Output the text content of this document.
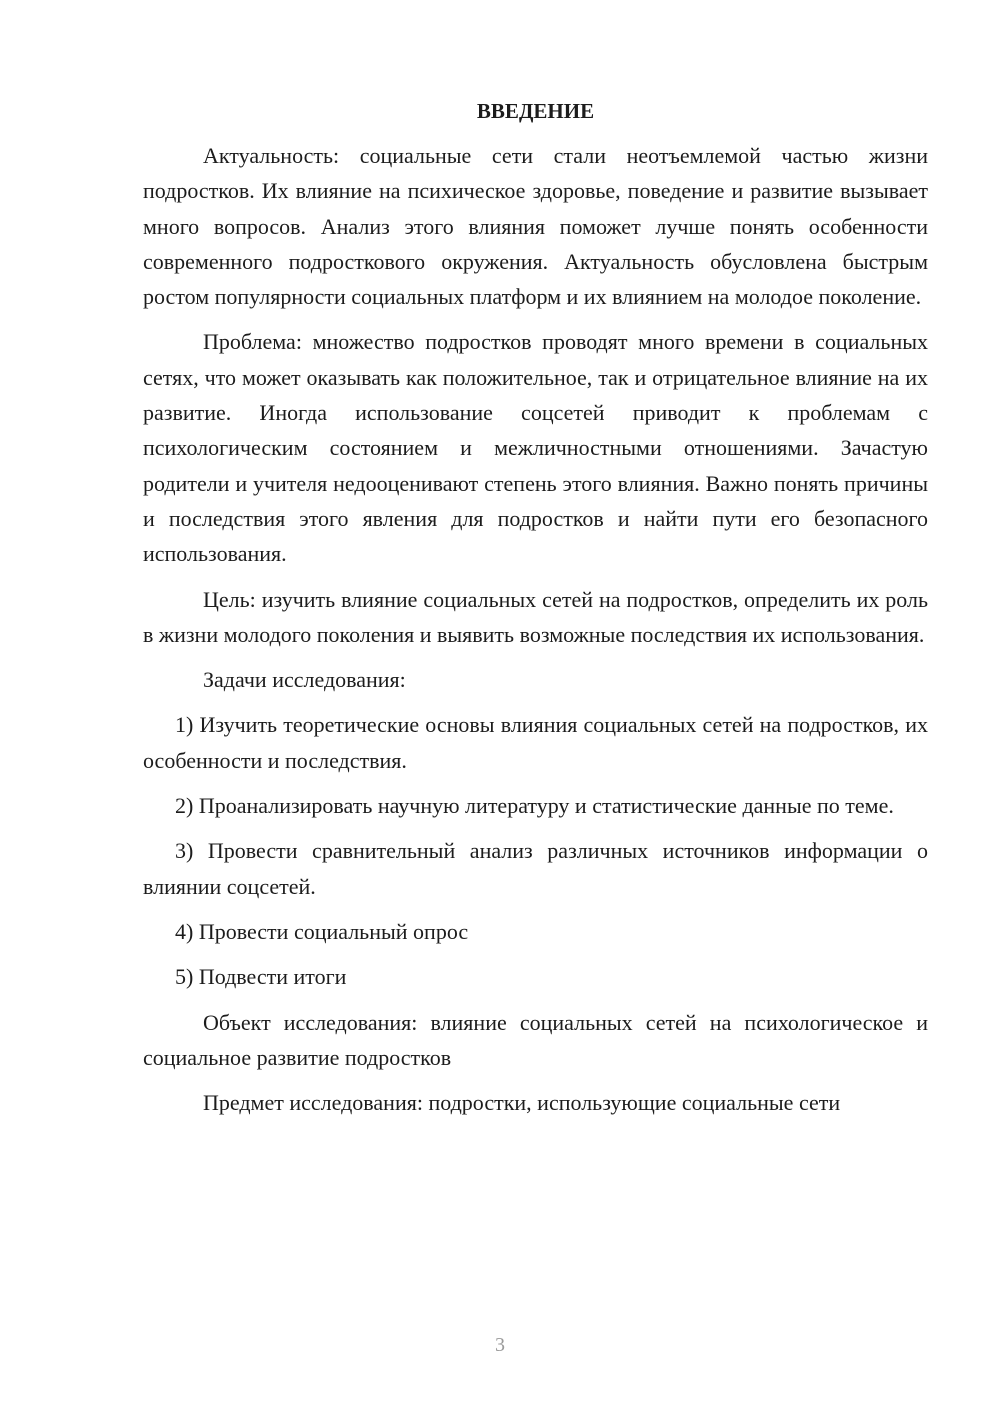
ВВЕДЕНИЕ

Актуальность: социальные сети стали неотъемлемой частью жизни подростков. Их влияние на психическое здоровье, поведение и развитие вызывает много вопросов. Анализ этого влияния поможет лучше понять особенности современного подросткового окружения. Актуальность обусловлена быстрым ростом популярности социальных платформ и их влиянием на молодое поколение.

Проблема: множество подростков проводят много времени в социальных сетях, что может оказывать как положительное, так и отрицательное влияние на их развитие. Иногда использование соцсетей приводит к проблемам с психологическим состоянием и межличностными отношениями. Зачастую родители и учителя недооценивают степень этого влияния. Важно понять причины и последствия этого явления для подростков и найти пути его безопасного использования.

Цель: изучить влияние социальных сетей на подростков, определить их роль в жизни молодого поколения и выявить возможные последствия их использования.

Задачи исследования:

1) Изучить теоретические основы влияния социальных сетей на подростков, их особенности и последствия.

2) Проанализировать научную литературу и статистические данные по теме.

3) Провести сравнительный анализ различных источников информации о влиянии соцсетей.

4) Провести социальный опрос

5) Подвести итоги

Объект исследования: влияние социальных сетей на психологическое и социальное развитие подростков

Предмет исследования: подростки, использующие социальные сети

3
